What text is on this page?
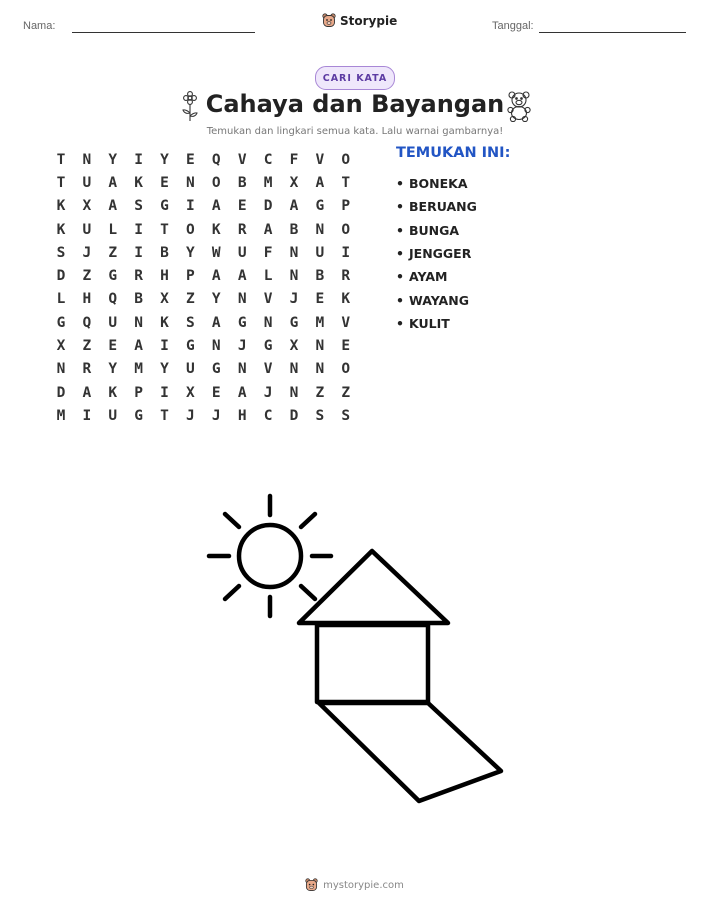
Nama:	Storypie	Tanggal:
CARI KATA
Cahaya dan Bayangan
Temukan dan lingkari semua kata. Lalu warnai gambarnya!
T	N	Y	I	Y	E	Q	V	C	F	V	O
T	U	A	K	E	N	O	B	M	X	A	T
K	X	A	S	G	I	A	E	D	A	G	P
K	U	L	I	T	O	K	R	A	B	N	O
S	J	Z	I	B	Y	W	U	F	N	U	I
D	Z	G	R	H	P	A	A	L	N	B	R
L	H	Q	B	X	Z	Y	N	V	J	E	K
G	Q	U	N	K	S	A	G	N	G	M	V
X	Z	E	A	I	G	N	J	G	X	N	E
N	R	Y	M	Y	U	G	N	V	N	N	O
D	A	K	P	I	X	E	A	J	N	Z	Z
M	I	U	G	T	J	J	H	C	D	S	S
TEMUKAN INI:
• BONEKA
• BERUANG
• BUNGA
• JENGGER
• AYAM
• WAYANG
• KULIT
mystorypie.com
